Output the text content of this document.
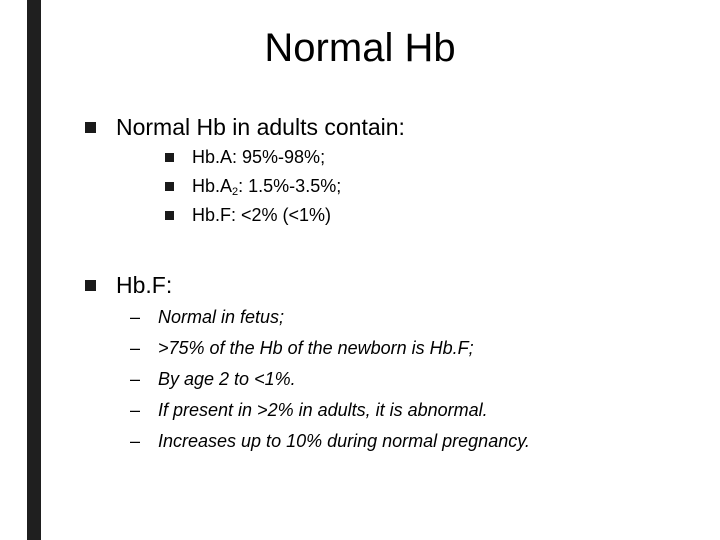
Normal Hb
Normal Hb in adults contain:
Hb.A: 95%-98%;
$Hb.A_2$: 1.5%-3.5%;
Hb.F: <2% (<1%)
Hb.F:
– Normal in fetus;
– >75% of the Hb of the newborn is Hb.F;
– By age 2 to <1%.
– If present in >2% in adults, it is abnormal.
– Increases up to 10% during normal pregnancy.
